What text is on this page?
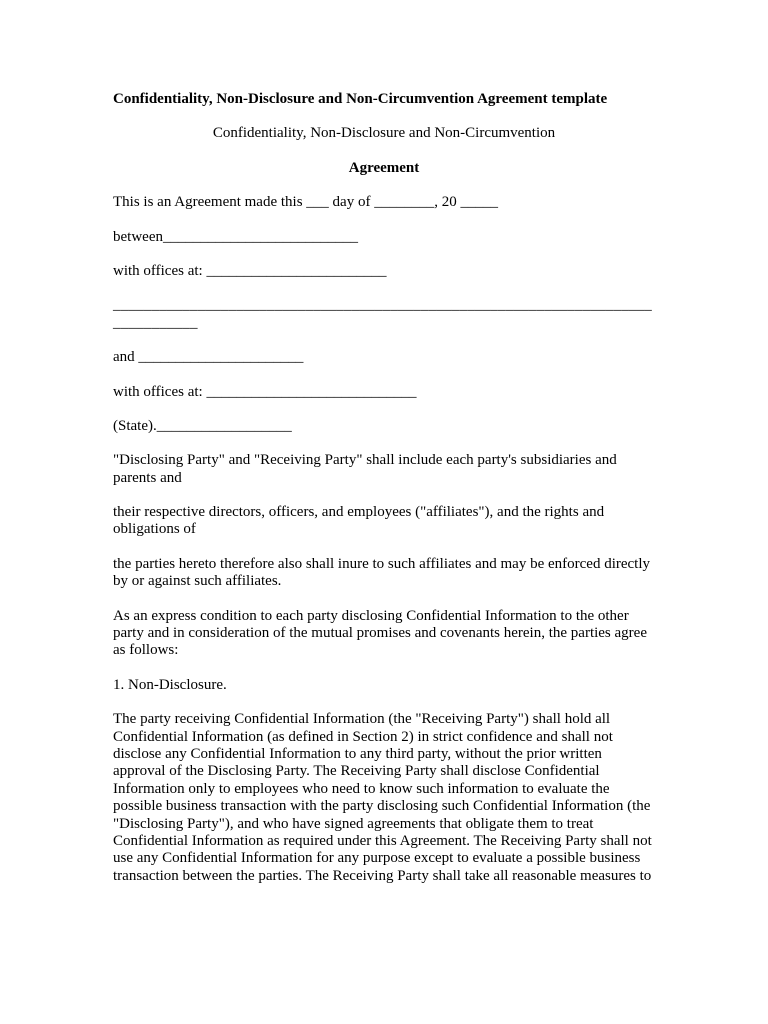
Confidentiality, Non-Disclosure and Non-Circumvention Agreement template

Confidentiality, Non-Disclosure and Non-Circumvention

Agreement

This is an Agreement made this ___ day of ________, 20 _____

between__________________________

with offices at: ________________________

_________________________________________________________________________________

and ______________________

with offices at: ____________________________

(State).__________________

"Disclosing Party" and "Receiving Party" shall include each party's subsidiaries and parents and

their respective directors, officers, and employees ("affiliates"), and the rights and obligations of

the parties hereto therefore also shall inure to such affiliates and may be enforced directly by or against such affiliates.

As an express condition to each party disclosing Confidential Information to the other party and in consideration of the mutual promises and covenants herein, the parties agree as follows:

1. Non-Disclosure.

The party receiving Confidential Information (the "Receiving Party") shall hold all Confidential Information (as defined in Section 2) in strict confidence and shall not disclose any Confidential Information to any third party, without the prior written approval of the Disclosing Party. The Receiving Party shall disclose Confidential Information only to employees who need to know such information to evaluate the possible business transaction with the party disclosing such Confidential Information (the "Disclosing Party"), and who have signed agreements that obligate them to treat Confidential Information as required under this Agreement. The Receiving Party shall not use any Confidential Information for any purpose except to evaluate a possible business transaction between the parties. The Receiving Party shall take all reasonable measures to
